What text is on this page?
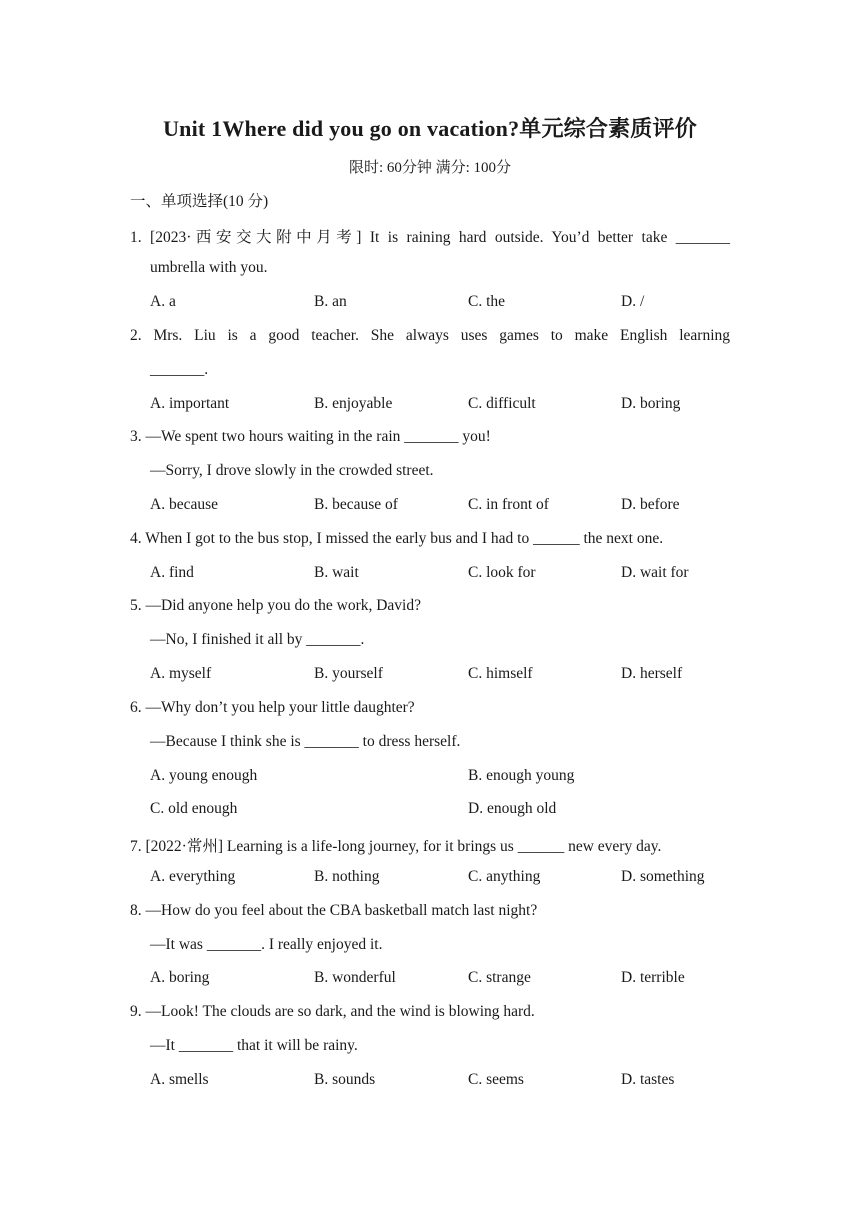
Unit 1Where did you go on vacation?单元综合素质评价
限时: 60分钟 满分: 100分
一、单项选择(10 分)
1. [2023·西安交大附中月考] It is raining hard outside. You’d better take _______
umbrella with you.
A. a	B. an	C. the	D. /
2. Mrs. Liu is a good teacher. She always uses games to make English learning
_______.
A. important	B. enjoyable	C. difficult	D. boring
3. —We spent two hours waiting in the rain _______ you!
—Sorry, I drove slowly in the crowded street.
A. because	B. because of	C. in front of	D. before
4. When I got to the bus stop, I missed the early bus and I had to ______ the next one.
A. find	B. wait	C. look for	D. wait for
5. —Did anyone help you do the work, David?
—No, I finished it all by _______.
A. myself	B. yourself	C. himself	D. herself
6. —Why don’t you help your little daughter?
—Because I think she is _______ to dress herself.
A. young enough	B. enough young
C. old enough	D. enough old
7. [2022·常州] Learning is a life-long journey, for it brings us ______ new every day.
A. everything	B. nothing	C. anything	D. something
8. —How do you feel about the CBA basketball match last night?
—It was _______. I really enjoyed it.
A. boring	B. wonderful	C. strange	D. terrible
9. —Look! The clouds are so dark, and the wind is blowing hard.
—It _______ that it will be rainy.
A. smells	B. sounds	C. seems	D. tastes
